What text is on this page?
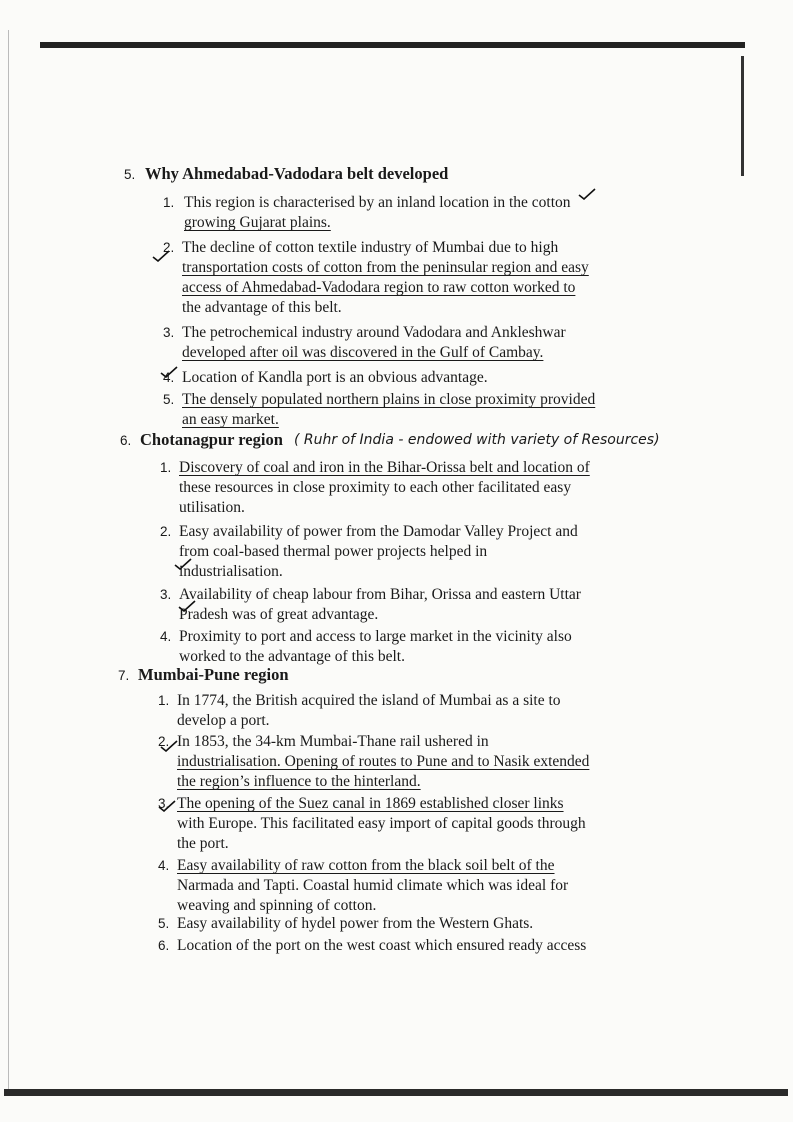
5. Why Ahmedabad-Vadodara belt developed
1. This region is characterised by an inland location in the cotton
growing Gujarat plains.
2. The decline of cotton textile industry of Mumbai due to high
transportation costs of cotton from the peninsular region and easy
access of Ahmedabad-Vadodara region to raw cotton worked to
the advantage of this belt.
3. The petrochemical industry around Vadodara and Ankleshwar
developed after oil was discovered in the Gulf of Cambay.
4. Location of Kandla port is an obvious advantage.
5. The densely populated northern plains in close proximity provided
an easy market.
6. Chotanagpur region ( Ruhr of India - endowed with variety of Resources)
1. Discovery of coal and iron in the Bihar-Orissa belt and location of
these resources in close proximity to each other facilitated easy
utilisation.
2. Easy availability of power from the Damodar Valley Project and
from coal-based thermal power projects helped in
industrialisation.
3. Availability of cheap labour from Bihar, Orissa and eastern Uttar
Pradesh was of great advantage.
4. Proximity to port and access to large market in the vicinity also
worked to the advantage of this belt.
7. Mumbai-Pune region
1. In 1774, the British acquired the island of Mumbai as a site to
develop a port.
2. In 1853, the 34-km Mumbai-Thane rail ushered in
industrialisation. Opening of routes to Pune and to Nasik extended
the region’s influence to the hinterland.
3. The opening of the Suez canal in 1869 established closer links
with Europe. This facilitated easy import of capital goods through
the port.
4. Easy availability of raw cotton from the black soil belt of the
Narmada and Tapti. Coastal humid climate which was ideal for
weaving and spinning of cotton.
5. Easy availability of hydel power from the Western Ghats.
6. Location of the port on the west coast which ensured ready access
